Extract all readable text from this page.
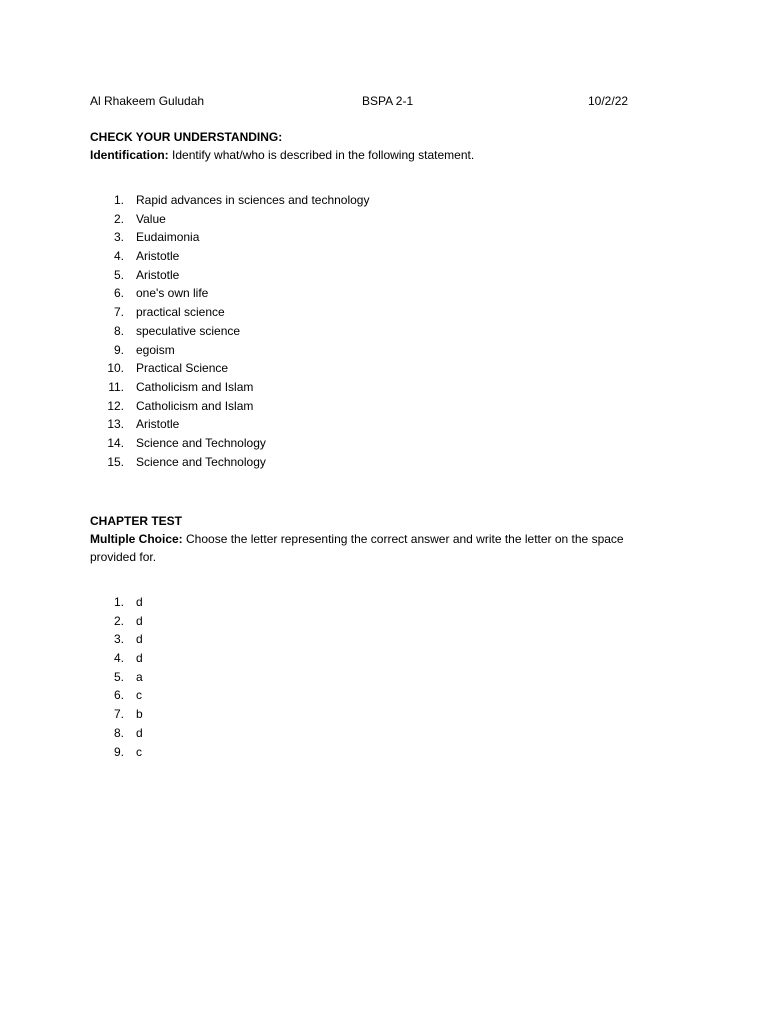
Al Rhakeem Guludah	BSPA 2-1	10/2/22
CHECK YOUR UNDERSTANDING:
Identification: Identify what/who is described in the following statement.
1. Rapid advances in sciences and technology
2. Value
3. Eudaimonia
4. Aristotle
5. Aristotle
6. one's own life
7. practical science
8. speculative science
9. egoism
10. Practical Science
11. Catholicism and Islam
12. Catholicism and Islam
13. Aristotle
14. Science and Technology
15. Science and Technology
CHAPTER TEST
Multiple Choice: Choose the letter representing the correct answer and write the letter on the space provided for.
1. d
2. d
3. d
4. d
5. a
6. c
7. b
8. d
9. c
